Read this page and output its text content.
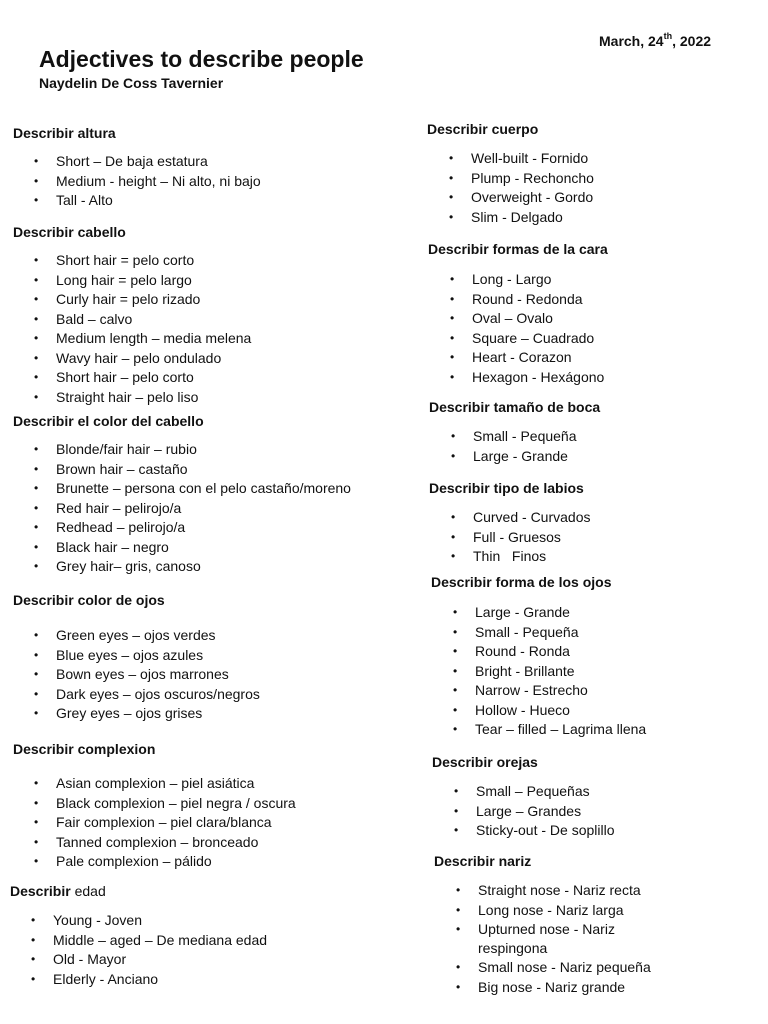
March, 24th, 2022
Adjectives to describe people
Naydelin De Coss Tavernier
Describir altura
• Short – De baja estatura
• Medium - height – Ni alto, ni bajo
• Tall - Alto
Describir cabello
• Short hair = pelo corto
• Long hair = pelo largo
• Curly hair = pelo rizado
• Bald – calvo
• Medium length – media melena
• Wavy hair – pelo ondulado
• Short hair – pelo corto
• Straight hair – pelo liso
Describir el color del cabello
• Blonde/fair hair – rubio
• Brown hair – castaño
• Brunette – persona con el pelo castaño/moreno
• Red hair – pelirojo/a
• Redhead – pelirojo/a
• Black hair – negro
• Grey hair– gris, canoso
Describir color de ojos
• Green eyes – ojos verdes
• Blue eyes – ojos azules
• Bown eyes – ojos marrones
• Dark eyes – ojos oscuros/negros
• Grey eyes – ojos grises
Describir complexion
• Asian complexion – piel asiática
• Black complexion – piel negra / oscura
• Fair complexion – piel clara/blanca
• Tanned complexion – bronceado
• Pale complexion – pálido
Describir edad
• Young - Joven
• Middle – aged – De mediana edad
• Old - Mayor
• Elderly - Anciano
Describir cuerpo
• Well-built - Fornido
• Plump - Rechoncho
• Overweight - Gordo
• Slim - Delgado
Describir formas de la cara
• Long - Largo
• Round - Redonda
• Oval – Ovalo
• Square – Cuadrado
• Heart - Corazon
• Hexagon - Hexágono
Describir tamaño de boca
• Small - Pequeña
• Large - Grande
Describir tipo de labios
• Curved - Curvados
• Full - Gruesos
• Thin   Finos
Describir forma de los ojos
• Large - Grande
• Small - Pequeña
• Round - Ronda
• Bright - Brillante
• Narrow - Estrecho
• Hollow - Hueco
• Tear – filled – Lagrima llena
Describir orejas
• Small – Pequeñas
• Large – Grandes
• Sticky-out - De soplillo
Describir nariz
• Straight nose - Nariz recta
• Long nose - Nariz larga
• Upturned nose - Nariz respingona
• Small nose - Nariz pequeña
• Big nose - Nariz grande
